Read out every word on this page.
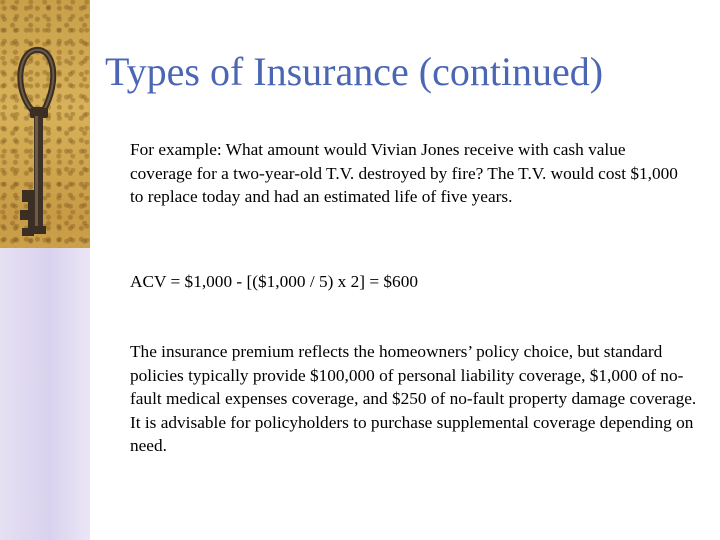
Types of Insurance (continued)

For example: What amount would Vivian Jones receive with cash value coverage for a two-year-old T.V. destroyed by fire? The T.V. would cost $1,000 to replace today and had an estimated life of five years.

ACV = $1,000 - [($1,000 / 5) x 2] = $600

The insurance premium reflects the homeowners’ policy choice, but standard policies typically provide $100,000 of personal liability coverage, $1,000 of no-fault medical expenses coverage, and $250 of no-fault property damage coverage. It is advisable for policyholders to purchase supplemental coverage depending on need.
